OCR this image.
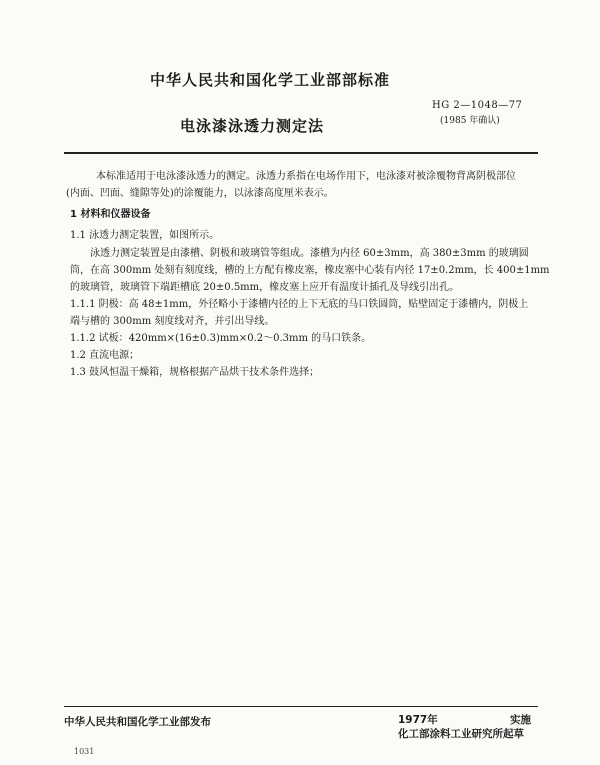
中华人民共和国化学工业部部标准
HG 2—1048—77
(1985 年确认)
电泳漆泳透力测定法
本标准适用于电泳漆泳透力的测定。泳透力系指在电场作用下，电泳漆对被涂覆物背离阴极部位
(内面、凹面、缝隙等处)的涂覆能力，以泳漆高度厘米表示。
1 材料和仪器设备
1.1 泳透力测定装置，如图所示。
泳透力测定装置是由漆槽、阴极和玻璃管等组成。漆槽为内径 60±3mm，高 380±3mm 的玻璃圆
筒，在高 300mm 处刻有刻度线，槽的上方配有橡皮塞，橡皮塞中心装有内径 17±0.2mm，长 400±1mm
的玻璃管，玻璃管下端距槽底 20±0.5mm，橡皮塞上应开有温度计插孔及导线引出孔。
1.1.1 阴极：高 48±1mm，外径略小于漆槽内径的上下无底的马口铁圆筒，贴壁固定于漆槽内，阴极上
端与槽的 300mm 刻度线对齐，并引出导线。
1.1.2 试板：420mm×(16±0.3)mm×0.2～0.3mm 的马口铁条。
1.2 直流电源；
1.3 鼓风恒温干燥箱，规格根据产品烘干技术条件选择；
中华人民共和国化学工业部发布	1977年	实施
化工部涂料工业研究所起草
1031
